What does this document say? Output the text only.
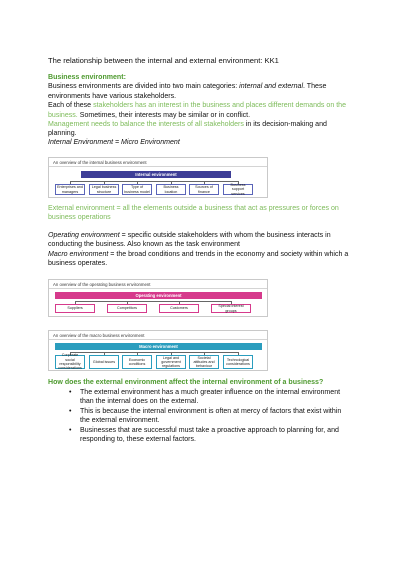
The relationship between the internal and external environment: KK1
Business environment:
Business environments are divided into two main categories: internal and external. These environments have various stakeholders.
Each of these stakeholders has an interest in the business and places different demands on the business. Sometimes, their interests may be similar or in conflict.
Management needs to balance the interests of all stakeholders in its decision-making and planning.
Internal Environment = Micro Environment
An overview of the internal business environment
Internal environment
Enterprises and managers
Legal business structure
Type of business model
Business location
Sources of finance
Business support services
External environment = all the elements outside a business that act as pressures or forces on business operations
Operating environment = specific outside stakeholders with whom the business interacts in conducting the business. Also known as the task environment
Macro environment = the broad conditions and trends in the economy and society within which a business operates.
An overview of the operating business environment
Operating environment
Suppliers	Competitors	Customers
Special interest groups
An overview of the macro business environment
Macro environment
Corporate social responsibility considerations
Global issues
Economic conditions
Legal and government regulations
Societal attitudes and behaviour
Technological considerations
How does the external environment affect the internal environment of a business?
• The external environment has a much greater influence on the internal environment than the internal does on the external.
• This is because the internal environment is often at mercy of factors that exist within the external environment.
• Businesses that are successful must take a proactive approach to planning for, and responding to, these external factors.
